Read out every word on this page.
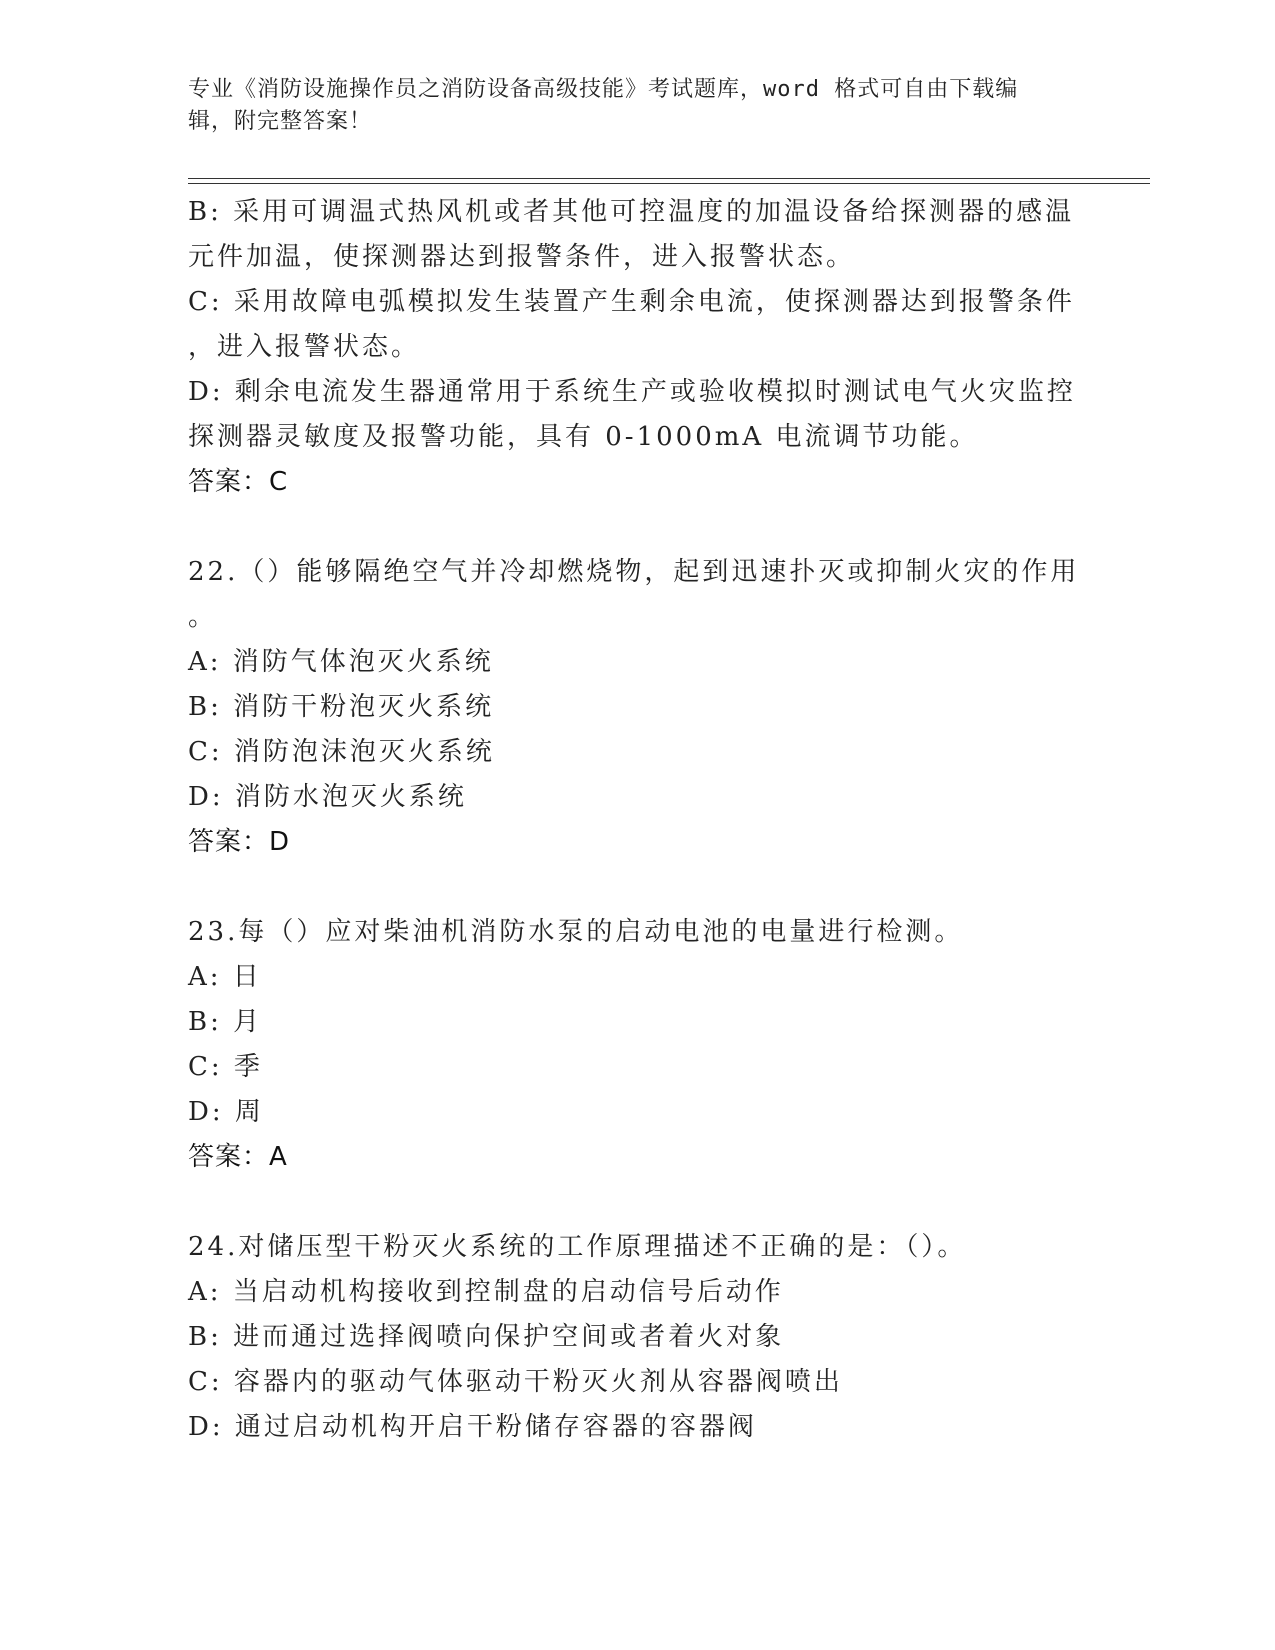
专业《消防设施操作员之消防设备高级技能》考试题库，word 格式可自由下载编
辑，附完整答案！
B: 采用可调温式热风机或者其他可控温度的加温设备给探测器的感温
元件加温，使探测器达到报警条件，进入报警状态。
C: 采用故障电弧模拟发生装置产生剩余电流，使探测器达到报警条件
，进入报警状态。
D: 剩余电流发生器通常用于系统生产或验收模拟时测试电气火灾监控
探测器灵敏度及报警功能，具有 0-1000mA 电流调节功能。
答案：C
22.（）能够隔绝空气并冷却燃烧物，起到迅速扑灭或抑制火灾的作用
。
A: 消防气体泡灭火系统
B: 消防干粉泡灭火系统
C: 消防泡沫泡灭火系统
D: 消防水泡灭火系统
答案：D
23.每（）应对柴油机消防水泵的启动电池的电量进行检测。
A: 日
B: 月
C: 季
D: 周
答案：A
24.对储压型干粉灭火系统的工作原理描述不正确的是：（）。
A: 当启动机构接收到控制盘的启动信号后动作
B: 进而通过选择阀喷向保护空间或者着火对象
C: 容器内的驱动气体驱动干粉灭火剂从容器阀喷出
D: 通过启动机构开启干粉储存容器的容器阀
